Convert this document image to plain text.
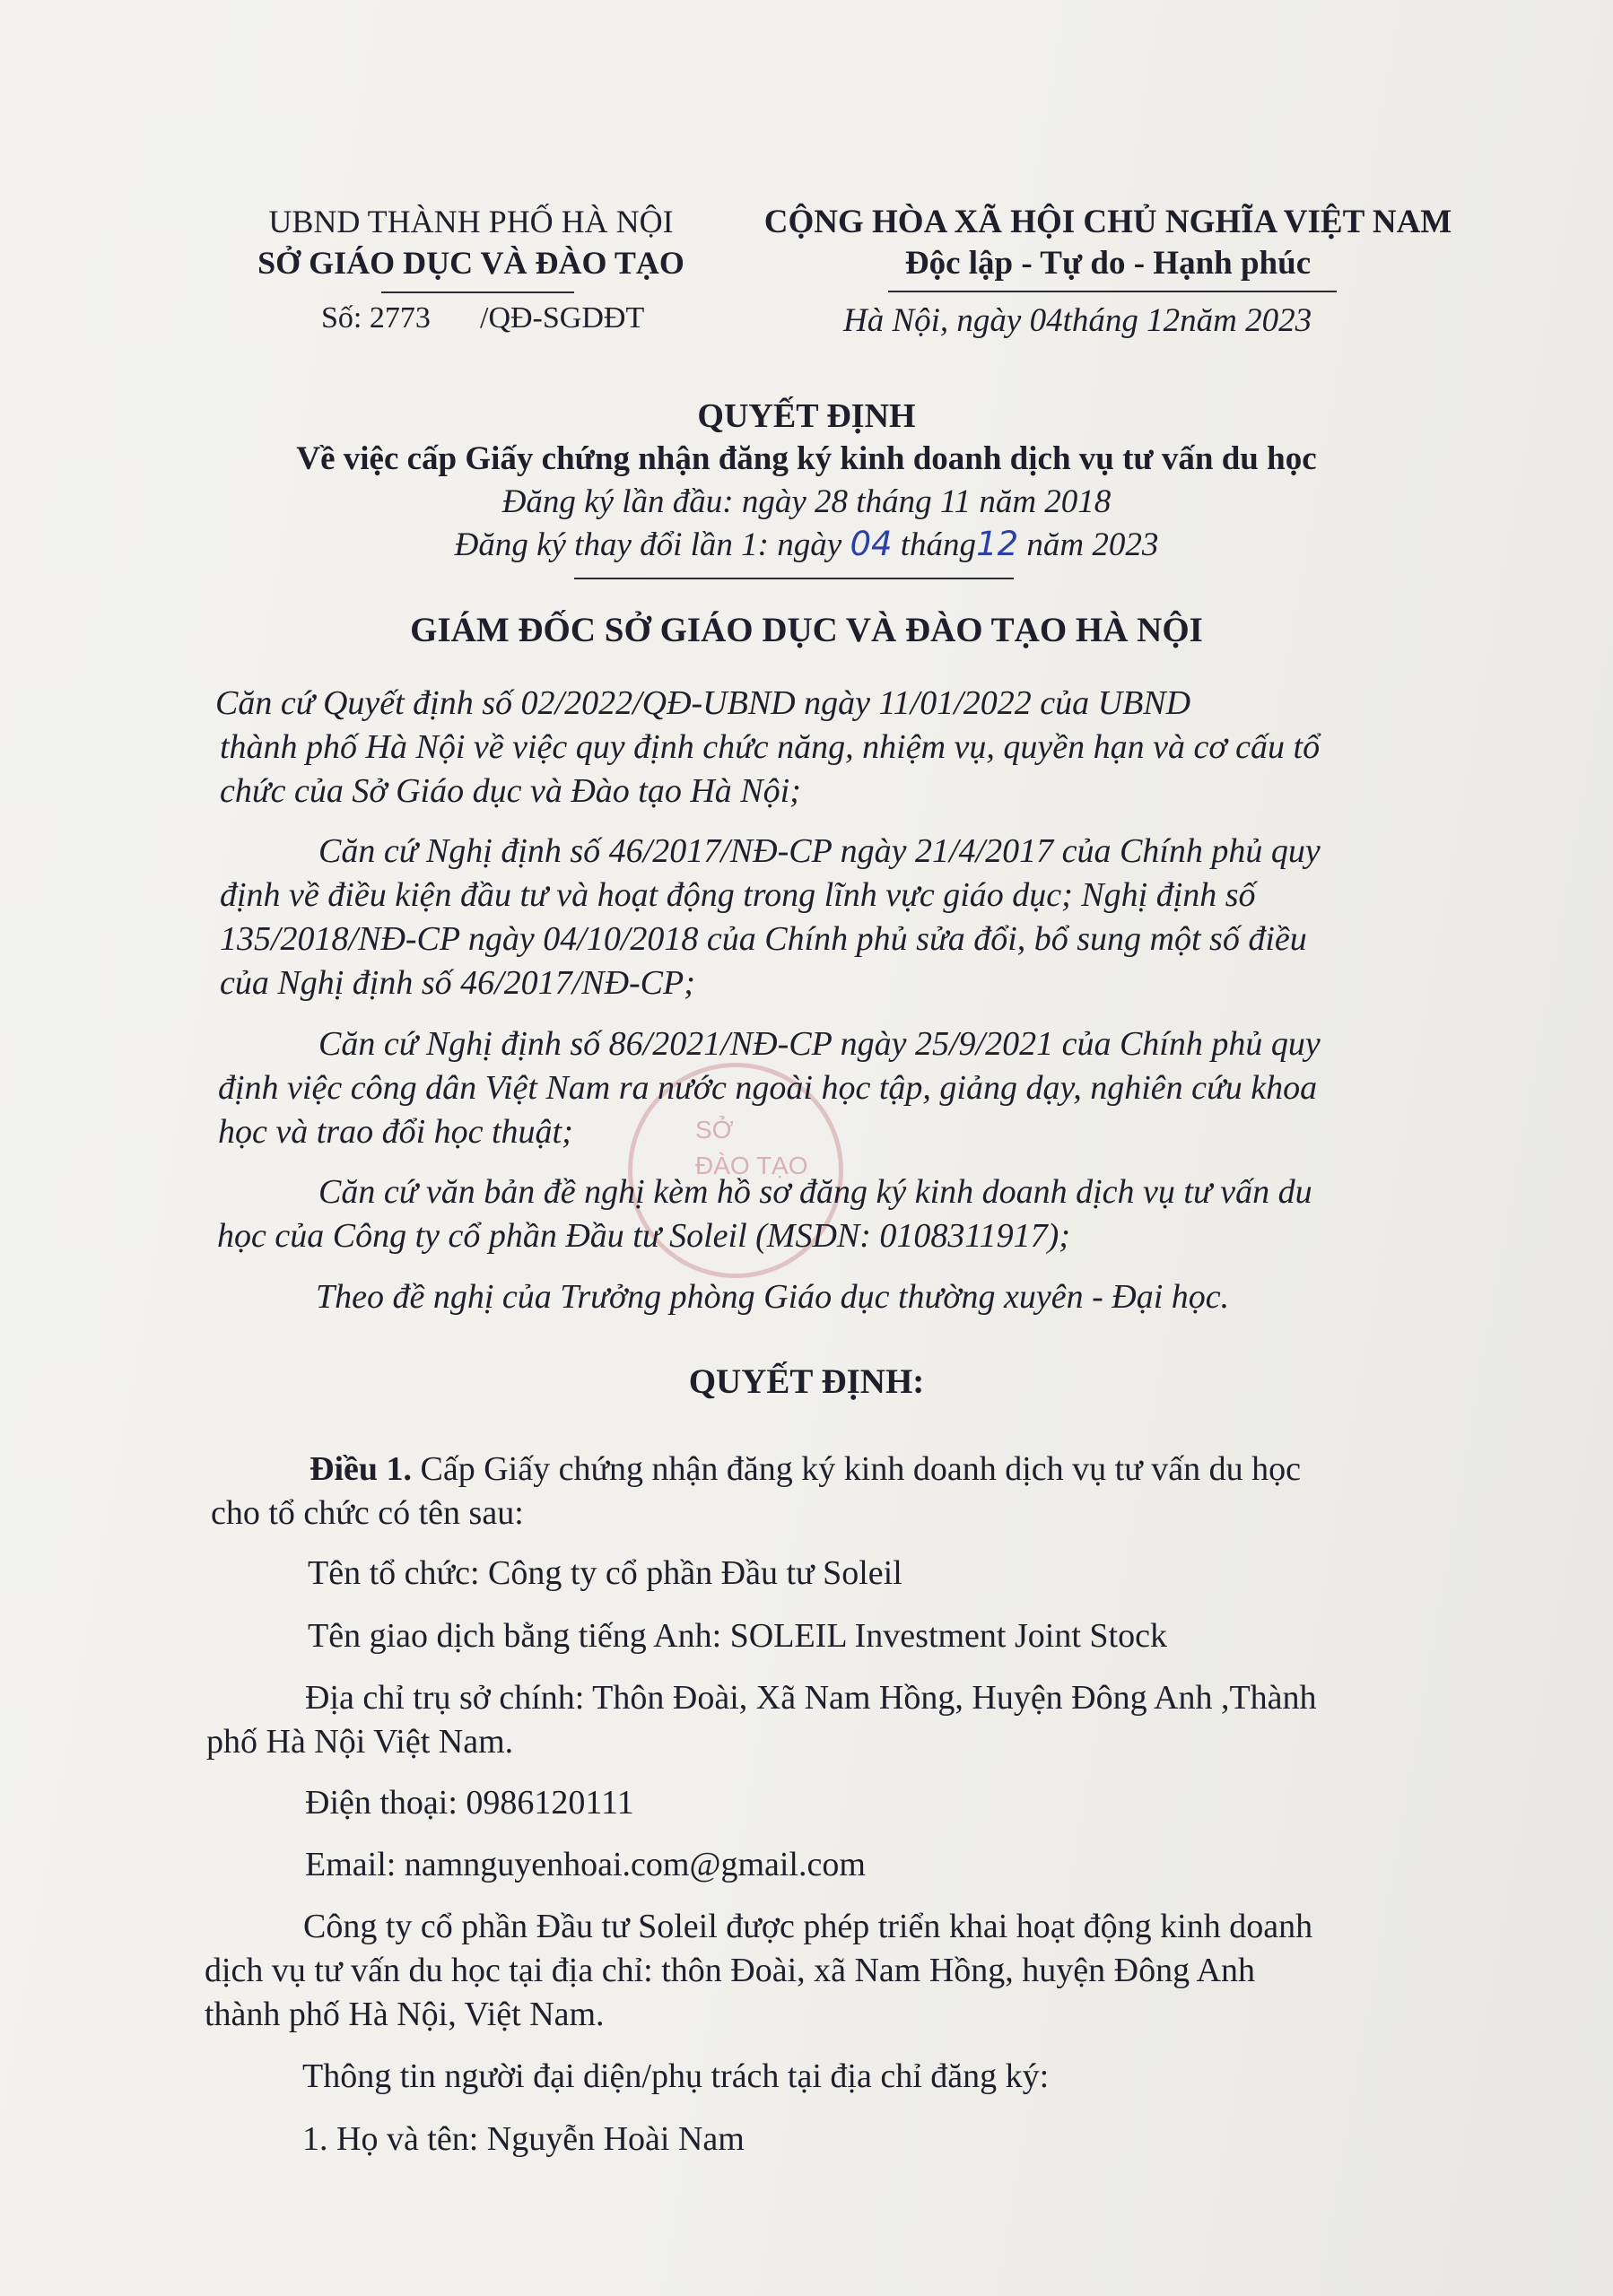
SỞ
ĐÀO TẠO
UBND THÀNH PHỐ HÀ NỘI
SỞ GIÁO DỤC VÀ ĐÀO TẠO
Số: 2773 /QĐ-SGDĐT
CỘNG HÒA XÃ HỘI CHỦ NGHĨA VIỆT NAM
Độc lập - Tự do - Hạnh phúc
Hà Nội, ngày 04tháng 12năm 2023
QUYẾT ĐỊNH
Về việc cấp Giấy chứng nhận đăng ký kinh doanh dịch vụ tư vấn du học
Đăng ký lần đầu: ngày 28 tháng 11 năm 2018
Đăng ký thay đổi lần 1: ngày 04 tháng12 năm 2023
GIÁM ĐỐC SỞ GIÁO DỤC VÀ ĐÀO TẠO HÀ NỘI
Căn cứ Quyết định số 02/2022/QĐ-UBND ngày 11/01/2022 của UBND
thành phố Hà Nội về việc quy định chức năng, nhiệm vụ, quyền hạn và cơ cấu tổ
chức của Sở Giáo dục và Đào tạo Hà Nội;
Căn cứ Nghị định số 46/2017/NĐ-CP ngày 21/4/2017 của Chính phủ quy
định về điều kiện đầu tư và hoạt động trong lĩnh vực giáo dục; Nghị định số
135/2018/NĐ-CP ngày 04/10/2018 của Chính phủ sửa đổi, bổ sung một số điều
của Nghị định số 46/2017/NĐ-CP;
Căn cứ Nghị định số 86/2021/NĐ-CP ngày 25/9/2021 của Chính phủ quy
định việc công dân Việt Nam ra nước ngoài học tập, giảng dạy, nghiên cứu khoa
học và trao đổi học thuật;
Căn cứ văn bản đề nghị kèm hồ sơ đăng ký kinh doanh dịch vụ tư vấn du
học của Công ty cổ phần Đầu tư Soleil (MSDN: 0108311917);
Theo đề nghị của Trưởng phòng Giáo dục thường xuyên - Đại học.
QUYẾT ĐỊNH:
Điều 1. Cấp Giấy chứng nhận đăng ký kinh doanh dịch vụ tư vấn du học
cho tổ chức có tên sau:
Tên tổ chức: Công ty cổ phần Đầu tư Soleil
Tên giao dịch bằng tiếng Anh: SOLEIL Investment Joint Stock
Địa chỉ trụ sở chính: Thôn Đoài, Xã Nam Hồng, Huyện Đông Anh ,Thành
phố Hà Nội Việt Nam.
Điện thoại: 0986120111
Email: namnguyenhoai.com@gmail.com
Công ty cổ phần Đầu tư Soleil được phép triển khai hoạt động kinh doanh
dịch vụ tư vấn du học tại địa chỉ: thôn Đoài, xã Nam Hồng, huyện Đông Anh
thành phố Hà Nội, Việt Nam.
Thông tin người đại diện/phụ trách tại địa chỉ đăng ký:
1. Họ và tên: Nguyễn Hoài Nam
